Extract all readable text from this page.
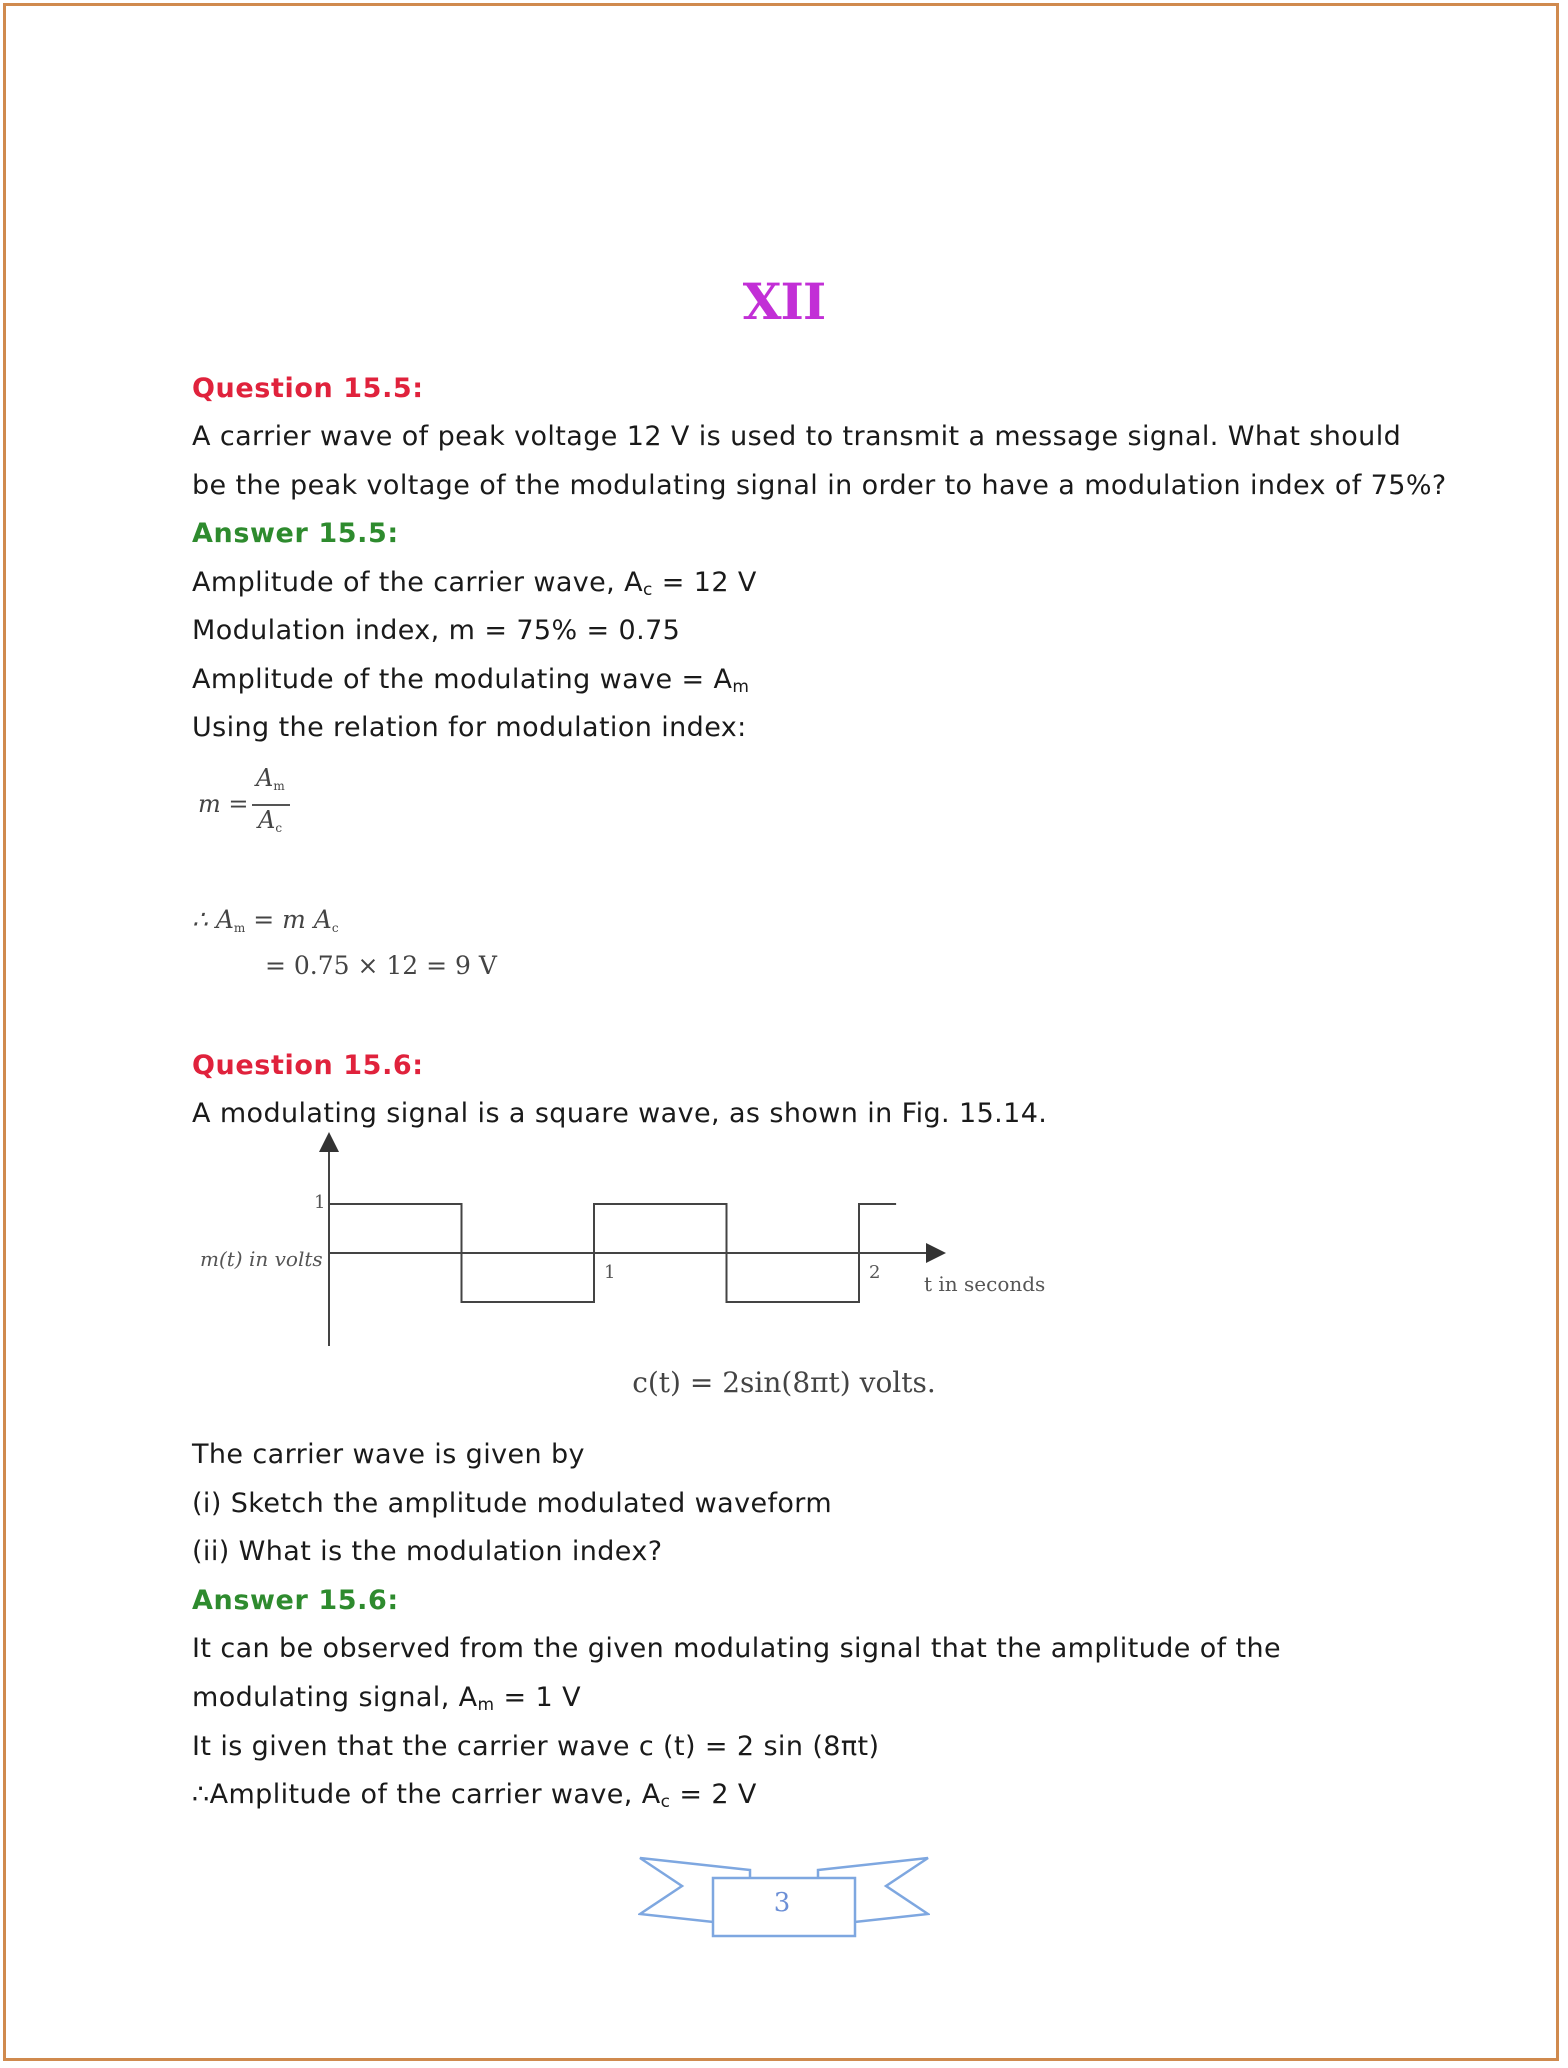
XII
Question 15.5:
A carrier wave of peak voltage 12 V is used to transmit a message signal. What should
be the peak voltage of the modulating signal in order to have a modulation index of 75%?
Answer 15.5:
Amplitude of the carrier wave, $A_c = 12$ V
Modulation index, m = 75% = 0.75
Amplitude of the modulating wave = $A_m$
Using the relation for modulation index:
m =
$A_m$
$A_c$
∴ $A_m = m$ $A_c$
= 0.75 × 12 = 9 V
Question 15.6:
A modulating signal is a square wave, as shown in Fig. 15.14.
m(t) in volts
t in seconds
1
1	2
c(t) = 2sin(8πt) volts.
The carrier wave is given by
(i) Sketch the amplitude modulated waveform
(ii) What is the modulation index?
Answer 15.6:
It can be observed from the given modulating signal that the amplitude of the
modulating signal, $A_m = 1$ V
It is given that the carrier wave c (t) = 2 sin (8πt)
∴Amplitude of the carrier wave, $A_c = 2$ V
3
